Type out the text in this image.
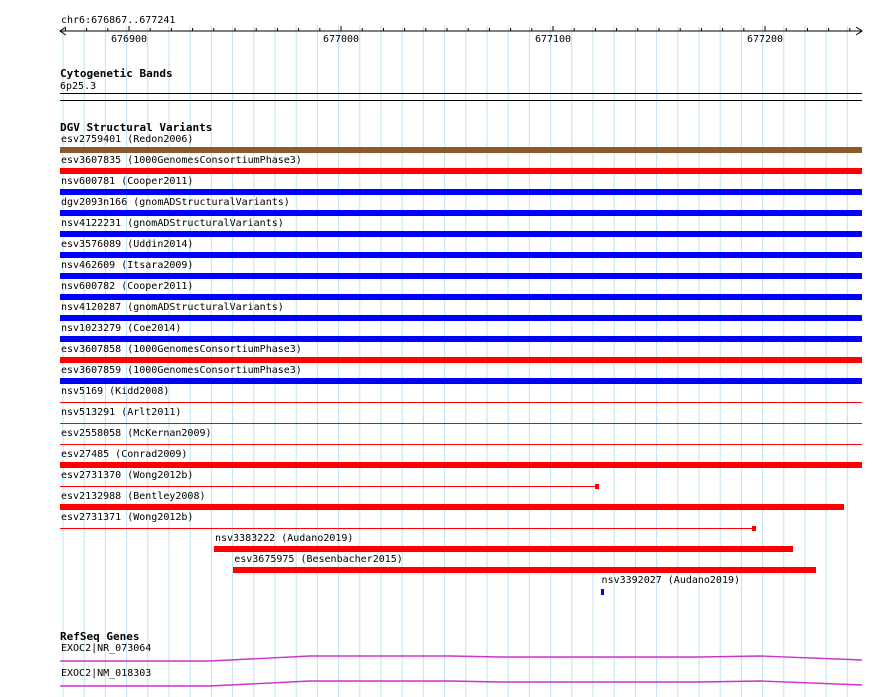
chr6:676867..677241
676900	677000	677100	677200
Cytogenetic Bands
6p25.3
DGV Structural Variants
esv2759401 (Redon2006)
esv3607835 (1000GenomesConsortiumPhase3)
nsv600781 (Cooper2011)
dgv2093n166 (gnomADStructuralVariants)
nsv4122231 (gnomADStructuralVariants)
esv3576089 (Uddin2014)
nsv462609 (Itsara2009)
nsv600782 (Cooper2011)
nsv4120287 (gnomADStructuralVariants)
nsv1023279 (Coe2014)
esv3607858 (1000GenomesConsortiumPhase3)
esv3607859 (1000GenomesConsortiumPhase3)
nsv5169 (Kidd2008)
nsv513291 (Arlt2011)
esv2558058 (McKernan2009)
esv27485 (Conrad2009)
esv2731370 (Wong2012b)
esv2132988 (Bentley2008)
esv2731371 (Wong2012b)
nsv3383222 (Audano2019)
esv3675975 (Besenbacher2015)
nsv3392027 (Audano2019)
RefSeq Genes
EXOC2|NR_073064
EXOC2|NM_018303
